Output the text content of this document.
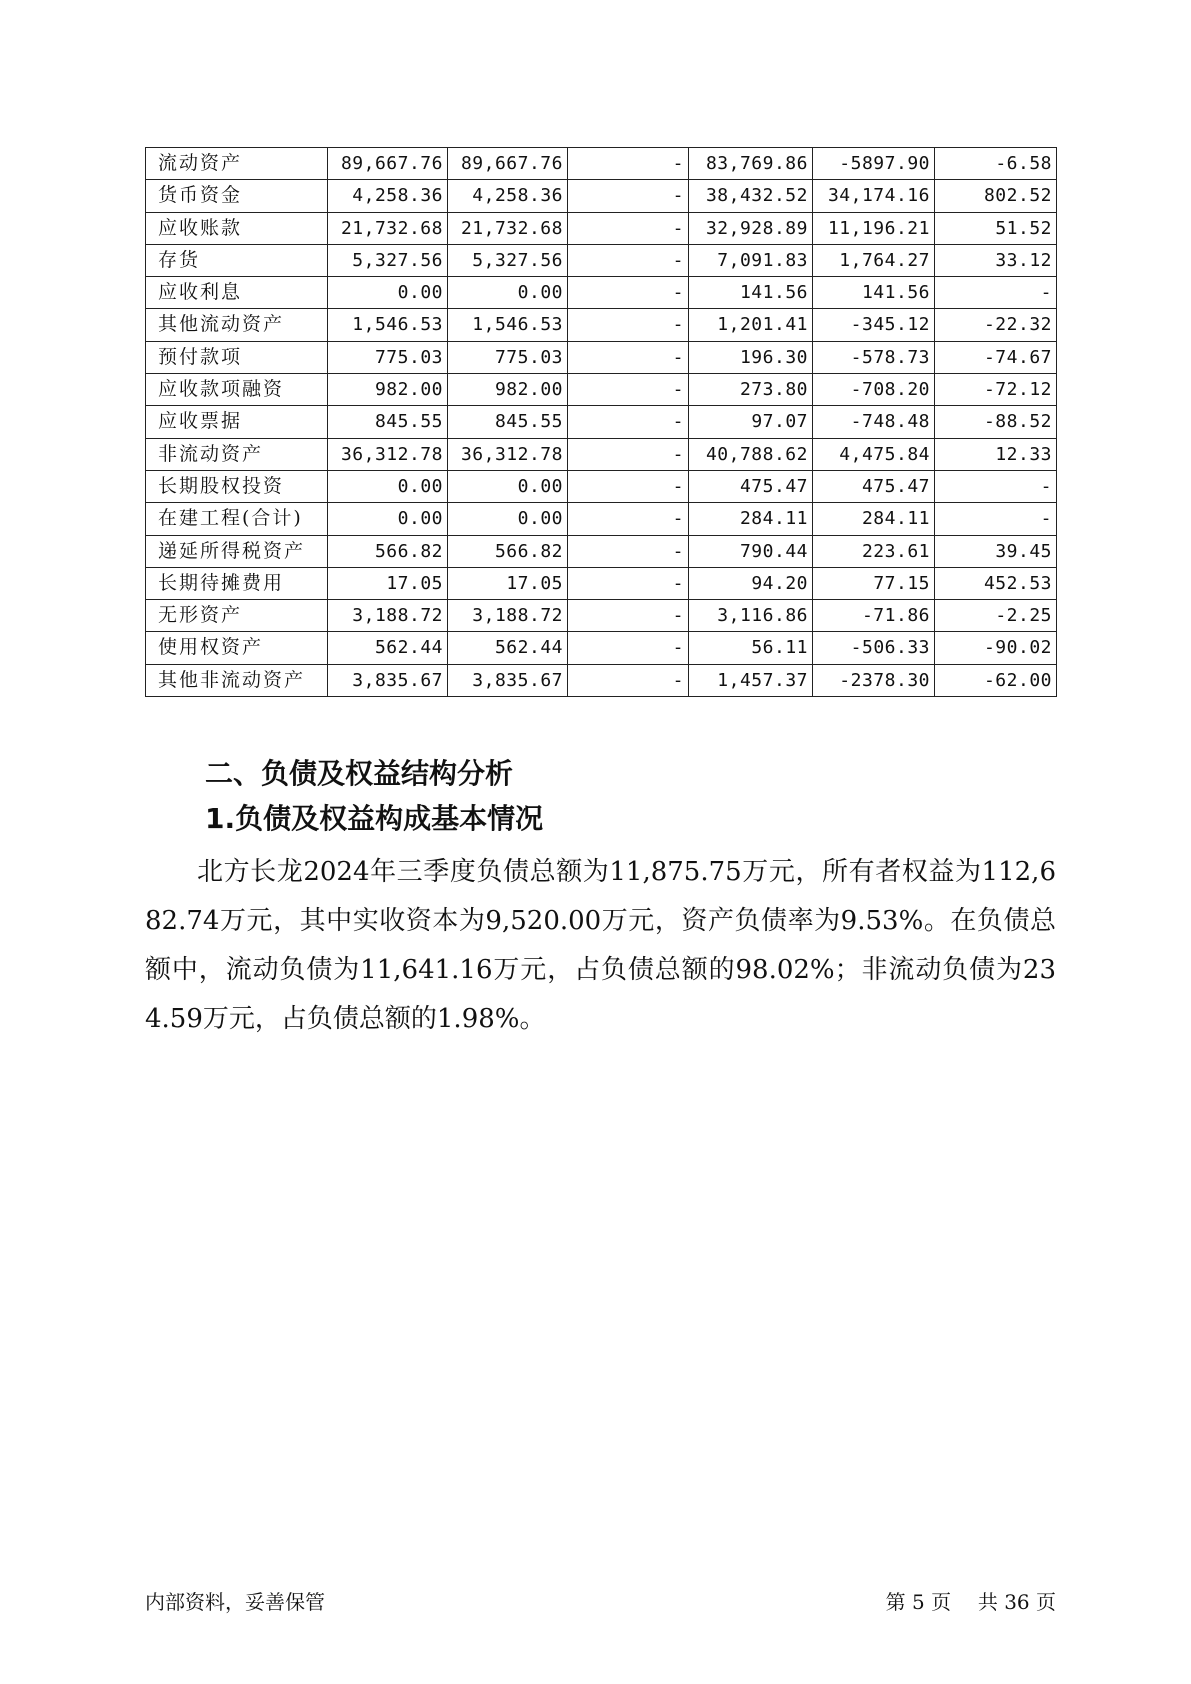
流动资产	89,667.76	89,667.76	-	83,769.86	-5897.90	-6.58
货币资金	4,258.36	4,258.36	-	38,432.52	34,174.16	802.52
应收账款	21,732.68	21,732.68	-	32,928.89	11,196.21	51.52
存货	5,327.56	5,327.56	-	7,091.83	1,764.27	33.12
应收利息	0.00	0.00	-	141.56	141.56	-
其他流动资产	1,546.53	1,546.53	-	1,201.41	-345.12	-22.32
预付款项	775.03	775.03	-	196.30	-578.73	-74.67
应收款项融资	982.00	982.00	-	273.80	-708.20	-72.12
应收票据	845.55	845.55	-	97.07	-748.48	-88.52
非流动资产	36,312.78	36,312.78	-	40,788.62	4,475.84	12.33
长期股权投资	0.00	0.00	-	475.47	475.47	-
在建工程(合计)	0.00	0.00	-	284.11	284.11	-
递延所得税资产	566.82	566.82	-	790.44	223.61	39.45
长期待摊费用	17.05	17.05	-	94.20	77.15	452.53
无形资产	3,188.72	3,188.72	-	3,116.86	-71.86	-2.25
使用权资产	562.44	562.44	-	56.11	-506.33	-90.02
其他非流动资产	3,835.67	3,835.67	-	1,457.37	-2378.30	-62.00
二、负债及权益结构分析
1.负债及权益构成基本情况

北方长龙2024年三季度负债总额为11,875.75万元，所有者权益为112,682.74万元，其中实收资本为9,520.00万元，资产负债率为9.53%。在负债总额中，流动负债为11,641.16万元，占负债总额的98.02%；非流动负债为234.59万元，占负债总额的1.98%。

内部资料，妥善保管	第 5 页 共 36 页
